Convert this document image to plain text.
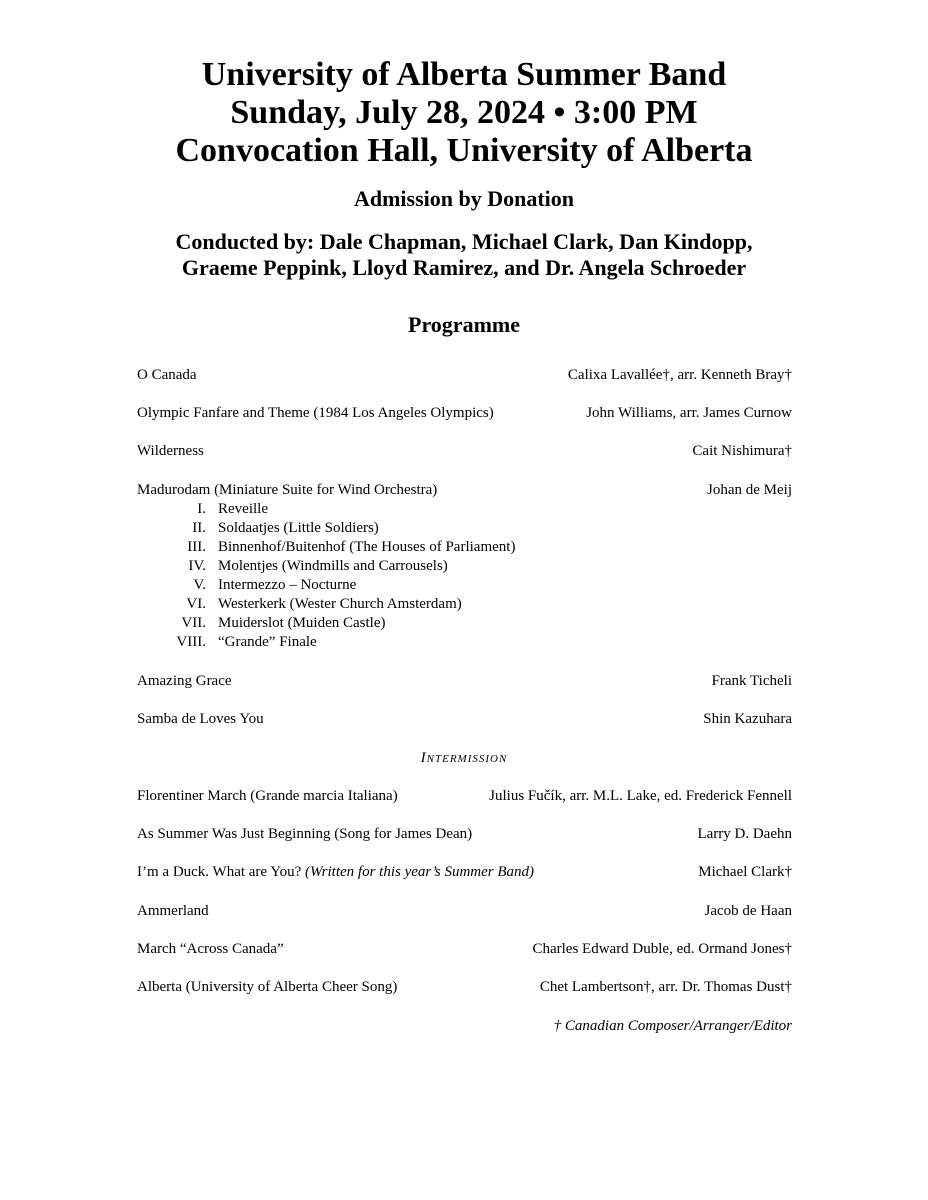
University of Alberta Summer Band
Sunday, July 28, 2024 • 3:00 PM
Convocation Hall, University of Alberta
Admission by Donation
Conducted by: Dale Chapman, Michael Clark, Dan Kindopp,
Graeme Peppink, Lloyd Ramirez, and Dr. Angela Schroeder
Programme
O Canada	Calixa Lavallée†, arr. Kenneth Bray†
Olympic Fanfare and Theme (1984 Los Angeles Olympics)	John Williams, arr. James Curnow
Wilderness	Cait Nishimura†
Madurodam (Miniature Suite for Wind Orchestra)	Johan de Meij
I. Reveille
II. Soldaatjes (Little Soldiers)
III. Binnenhof/Buitenhof (The Houses of Parliament)
IV. Molentjes (Windmills and Carrousels)
V. Intermezzo – Nocturne
VI. Westerkerk (Wester Church Amsterdam)
VII. Muiderslot (Muiden Castle)
VIII. “Grande” Finale
Amazing Grace	Frank Ticheli
Samba de Loves You	Shin Kazuhara
Intermission
Florentiner March (Grande marcia Italiana)	Julius Fučík, arr. M.L. Lake, ed. Frederick Fennell
As Summer Was Just Beginning (Song for James Dean)	Larry D. Daehn
I’m a Duck. What are You? (Written for this year’s Summer Band)	Michael Clark†
Ammerland	Jacob de Haan
March “Across Canada”	Charles Edward Duble, ed. Ormand Jones†
Alberta (University of Alberta Cheer Song)	Chet Lambertson†, arr. Dr. Thomas Dust†
† Canadian Composer/Arranger/Editor
